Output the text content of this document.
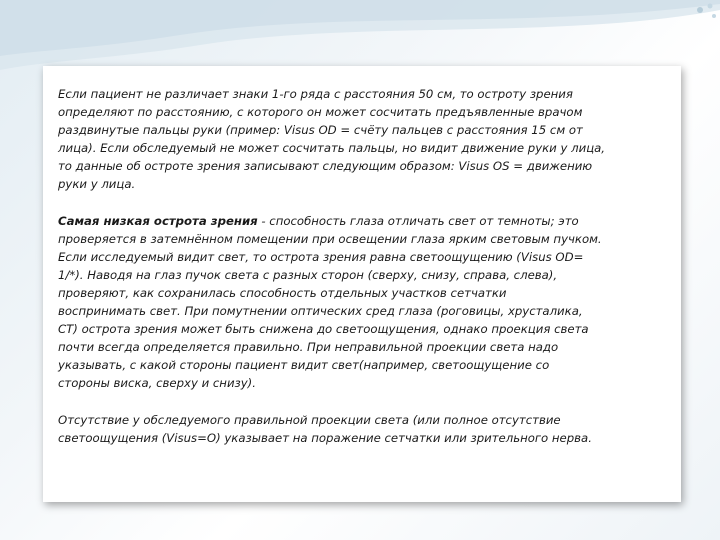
Если пациент не различает знаки 1-го ряда с расстояния 50 см, то остроту зрения

определяют по расстоянию, с которого он может сосчитать предъявленные врачом

раздвинутые пальцы руки (пример: Visus OD = счёту пальцев с расстояния 15 см от

лица). Если обследуемый не может сосчитать пальцы, но видит движение руки у лица,

то данные об остроте зрения записывают следующим образом: Visus OS = движению

руки у лица.

Самая низкая острота зрения - способность глаза отличать свет от темноты; это

проверяется в затемнённом помещении при освещении глаза ярким световым пучком.

Если исследуемый видит свет, то острота зрения равна светоощущению (Visus OD=

1/*). Наводя на глаз пучок света с разных сторон (сверху, снизу, справа, слева),

проверяют, как сохранилась способность отдельных участков сетчатки

воспринимать свет. При помутнении оптических сред глаза (роговицы, хрусталика,

СТ) острота зрения может быть снижена до светоощущения, однако проекция света

почти всегда определяется правильно. При неправильной проекции света надо

указывать, с какой стороны пациент видит свет(например, светоощущение со

стороны виска, сверху и снизу).

Отсутствие у обследуемого правильной проекции света (или полное отсутствие

светоощущения (Visus=O) указывает на поражение сетчатки или зрительного нерва.
